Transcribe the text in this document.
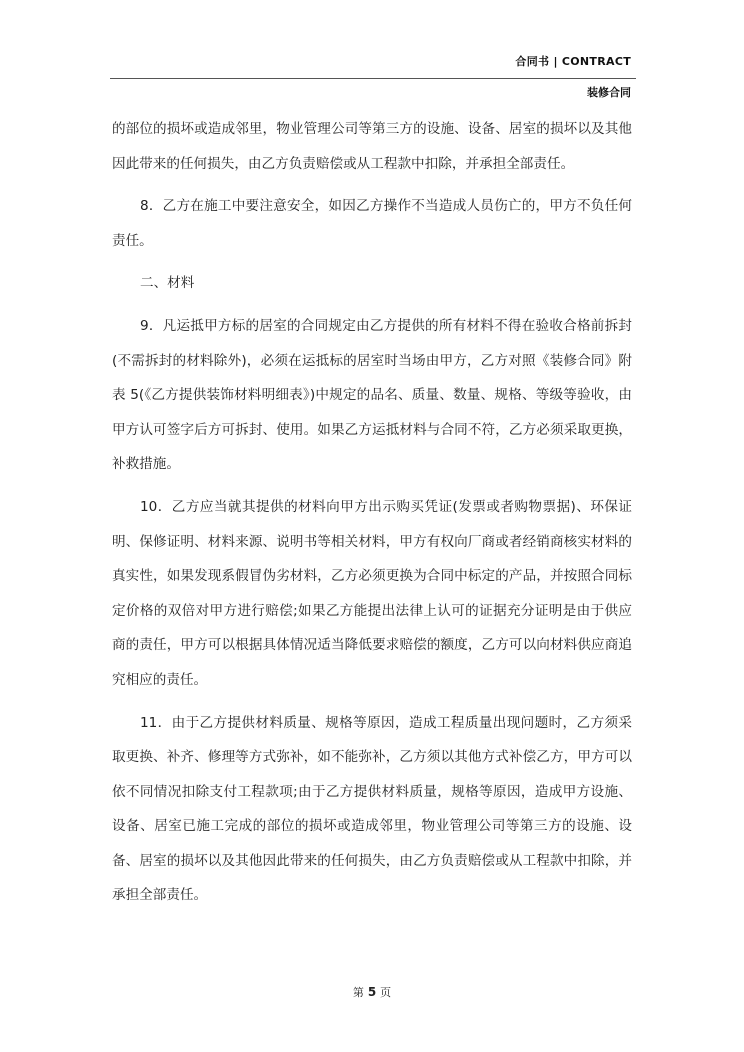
合同书 | CONTRACT
装修合同

的部位的损坏或造成邻里，物业管理公司等第三方的设施、设备、居室的损坏以及其他因此带来的任何损失，由乙方负责赔偿或从工程款中扣除，并承担全部责任。

8．乙方在施工中要注意安全，如因乙方操作不当造成人员伤亡的，甲方不负任何责任。

二、材料

9．凡运抵甲方标的居室的合同规定由乙方提供的所有材料不得在验收合格前拆封(不需拆封的材料除外)，必须在运抵标的居室时当场由甲方，乙方对照《装修合同》附表 5(《乙方提供装饰材料明细表》)中规定的品名、质量、数量、规格、等级等验收，由甲方认可签字后方可拆封、使用。如果乙方运抵材料与合同不符，乙方必须采取更换，补救措施。

10．乙方应当就其提供的材料向甲方出示购买凭证(发票或者购物票据)、环保证明、保修证明、材料来源、说明书等相关材料，甲方有权向厂商或者经销商核实材料的真实性，如果发现系假冒伪劣材料，乙方必须更换为合同中标定的产品，并按照合同标定价格的双倍对甲方进行赔偿;如果乙方能提出法律上认可的证据充分证明是由于供应商的责任，甲方可以根据具体情况适当降低要求赔偿的额度，乙方可以向材料供应商追究相应的责任。

11．由于乙方提供材料质量、规格等原因，造成工程质量出现问题时，乙方须采取更换、补齐、修理等方式弥补，如不能弥补，乙方须以其他方式补偿乙方，甲方可以依不同情况扣除支付工程款项;由于乙方提供材料质量，规格等原因，造成甲方设施、设备、居室已施工完成的部位的损坏或造成邻里，物业管理公司等第三方的设施、设备、居室的损坏以及其他因此带来的任何损失，由乙方负责赔偿或从工程款中扣除，并承担全部责任。

第 5 页
